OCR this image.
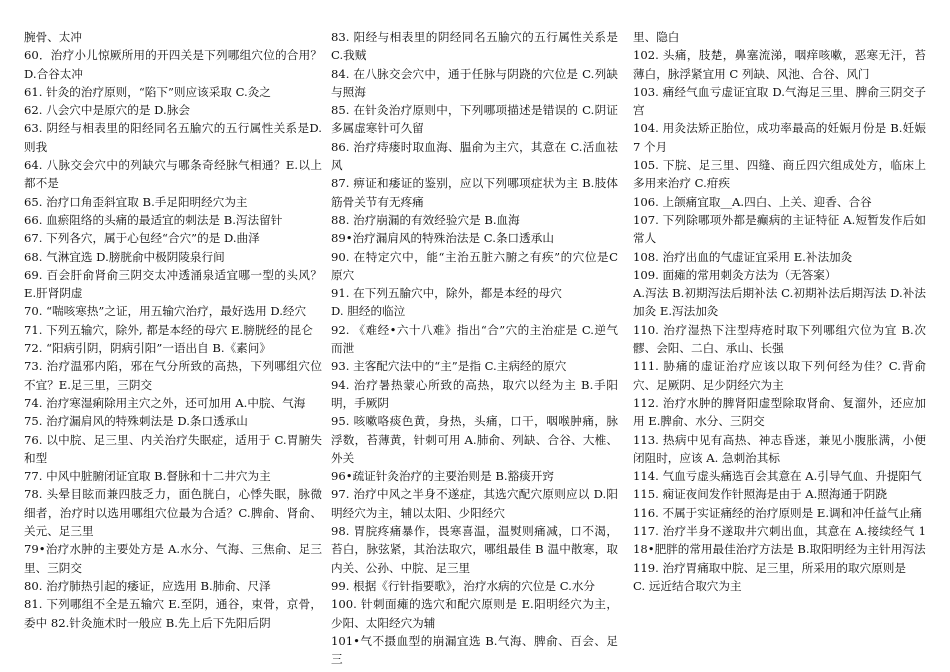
腕骨、太冲
60．治疗小儿惊厥所用的开四关是下列哪组穴位的合用？D.合谷太冲
61. 针灸的治疗原则，“陷下”则应该采取 C.灸之
62. 八会穴中是原穴的是 D.脉会
63. 阴经与相表里的阳经同名五腧穴的五行属性关系是D.则我
64. 八脉交会穴中的列缺穴与哪条奇经脉气相通？E.以上都不是
65. 治疗口角歪斜宜取 B.手足阳明经穴为主
66. 血瘀阻络的头痛的最适宜的刺法是 B.泻法留针
67. 下列各穴，属于心包经“合穴”的是 D.曲泽
68. 气淋宜选 D.膀胱俞中极阴陵泉行间
69. 百会肝俞肾俞三阴交太冲透涌泉适宜哪一型的头风？E.肝肾阴虚
70. “喘咳寒热”之证，用五输穴治疗，最好选用 D.经穴
71. 下列五输穴，除外, 都是本经的母穴 E.膀胱经的昆仑
72. “阳病引阴，阴病引阳”一语出自 B.《素问》
73. 治疗温邪内陷，邪在气分所致的高热，下列哪组穴位不宜？E.足三里，三阴交
74. 治疗寒湿痢除用主穴之外，还可加用 A.中脘、气海
75. 治疗漏肩风的特殊刺法是 D.条口透承山
76. 以中脘、足三里、内关治疗失眠症，适用于 C.胃腑失和型
77. 中风中脏腑闭证宜取 B.督脉和十二井穴为主
78. 头晕目眩而兼四肢乏力，面色胱白，心悸失眠，脉微细者，治疗时以选用哪组穴位最为合适？C.脾俞、肾俞、关元、足三里
79•治疗水肿的主要处方是 A.水分、气海、三焦俞、足三里、三阴交
80. 治疗肺热引起的痿证，应选用 B.肺俞、尺泽
81. 下列哪组不全是五输穴 E.至阴，通谷，束骨，京骨，委中 82.针灸施术时一般应 B.先上后下先阳后阴
83. 阳经与相表里的阴经同名五腧穴的五行属性关系是C.我贼
84. 在八脉交会穴中，通于任脉与阴跷的穴位是 C.列缺与照海
85. 在针灸治疗原则中，下列哪项描述是错误的 C.阴证多属虚寒针可久留
86. 治疗痔瘘时取血海、腽俞为主穴，其意在 C.活血祛风
87. 痹证和痿证的鉴别，应以下列哪项症状为主 B.肢体筋骨关节有无疼痛
88. 治疗崩漏的有效经验穴是 B.血海
89•治疗漏肩风的特殊治法是 C.条口透承山
90. 在特定穴中，能“主治五脏六腑之有疾”的穴位是C 原穴
91. 在下列五腧穴中，除外，都是本经的母穴
D. 胆经的临泣
92. 《难经•六十八难》指出“合”穴的主治症是 C.逆气而泄
93. 主客配穴法中的“主”是指 C.主病经的原穴
94. 治疗暑热蒙心所致的高热，取穴以经为主 B.手阳明，手厥阴
95. 咳嗽咯痰色黄，身热，头痛，口干，咽喉肿痛，脉浮数，苔薄黄，针刺可用 A.肺俞、列缺、合谷、大椎、外关
96•疏证针灸治疗的主要治则是 B.豁痰开窍
97. 治疗中风之半身不遂症，其选穴配穴原则应以 D.阳明经穴为主，辅以太阳、少阳经穴
98. 胃脘疼痛暴作，畏寒喜温，温熨则痛减，口不渴，苔白，脉弦紧，其治法取穴，哪组最佳 B 温中散寒，取内关、公孙、中脘、足三里
99. 根据《行针指要歌》，治疗水病的穴位是 C.水分
100. 针刺面瘫的选穴和配穴原则是 E.阳明经穴为主，少阳、太阳经穴为辅
101•气不摄血型的崩漏宜选 B.气海、脾俞、百会、足三
里、隐白
102. 头痛，肢楚，鼻塞流涕，咽痒咳嗽，恶寒无汗，苔薄白，脉浮紧宜用 C 列缺、风池、合谷、风门
103. 痛经气血亏虚证宜取 D.气海足三里、脾俞三阴交子宫
104. 用灸法矫正胎位，成功率最高的妊娠月份是 B.妊娠 7 个月
105. 下脘、足三里、四缝、商丘四穴组成处方，临床上多用来治疗 C.疳疾
106. 上颌痛宜取__A.四白、上关、迎香、合谷
107. 下列除哪项外都是癫病的主证特征 A.短暂发作后如常人
108. 治疗出血的气虚证宜采用 E.补法加灸
109. 面瘫的常用刺灸方法为（无答案）
A.泻法 B.初期泻法后期补法 C.初期补法后期泻法 D.补法加灸 E.泻法加灸
110. 治疗湿热下注型痔疮时取下列哪组穴位为宜 B.次髎、会阳、二白、承山、长强
111. 胁痛的虚证治疗应该以取下列何经为佳？C.背俞穴、足厥阴、足少阴经穴为主
112. 治疗水肿的脾肾阳虚型除取肾俞、复溜外，还应加用 E.脾俞、水分、三阴交
113. 热病中见有高热、神志昏迷，兼见小腹胀满，小便闭阻时，应该 A. 急刺治其标
114. 气血亏虚头痛选百会其意在 A.引导气血、升提阳气
115. 痫证夜间发作针照海是由于 A.照海通于阴跷
116. 不属于实证痛经的治疗原则是 E.调和冲任益气止痛
117. 治疗半身不遂取井穴刺出血，其意在 A.接续经气 118•肥胖的常用最佳治疗方法是 B.取阳明经为主针用泻法
119. 治疗胃痛取中脘、足三里，所采用的取穴原则是
C. 远近结合取穴为主
